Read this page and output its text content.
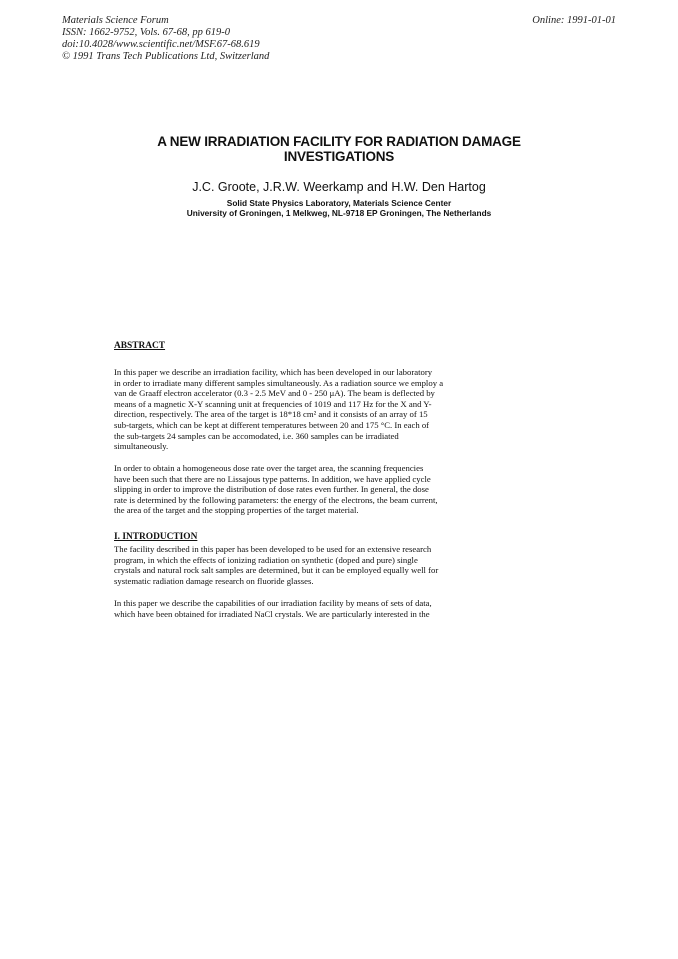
Materials Science Forum
ISSN: 1662-9752, Vols. 67-68, pp 619-0
doi:10.4028/www.scientific.net/MSF.67-68.619
© 1991 Trans Tech Publications Ltd, Switzerland
Online: 1991-01-01
A NEW IRRADIATION FACILITY FOR RADIATION DAMAGE
INVESTIGATIONS
J.C. Groote, J.R.W. Weerkamp and H.W. Den Hartog
Solid State Physics Laboratory, Materials Science Center
University of Groningen, 1 Melkweg, NL-9718 EP Groningen, The Netherlands
ABSTRACT

In this paper we describe an irradiation facility, which has been developed in our laboratory
in order to irradiate many different samples simultaneously. As a radiation source we employ a
van de Graaff electron accelerator (0.3 - 2.5 MeV and 0 - 250 μA). The beam is deflected by
means of a magnetic X-Y scanning unit at frequencies of 1019 and 117 Hz for the X and Y-
direction, respectively. The area of the target is 18*18 cm² and it consists of an array of 15
sub-targets, which can be kept at different temperatures between 20 and 175 °C. In each of
the sub-targets 24 samples can be accomodated, i.e. 360 samples can be irradiated
simultaneously.

In order to obtain a homogeneous dose rate over the target area, the scanning frequencies
have been such that there are no Lissajous type patterns. In addition, we have applied cycle
slipping in order to improve the distribution of dose rates even further. In general, the dose
rate is determined by the following parameters: the energy of the electrons, the beam current,
the area of the target and the stopping properties of the target material.

I. INTRODUCTION

The facility described in this paper has been developed to be used for an extensive research
program, in which the effects of ionizing radiation on synthetic (doped and pure) single
crystals and natural rock salt samples are determined, but it can be employed equally well for
systematic radiation damage research on fluoride glasses.

In this paper we describe the capabilities of our irradiation facility by means of sets of data,
which have been obtained for irradiated NaCl crystals. We are particularly interested in the
